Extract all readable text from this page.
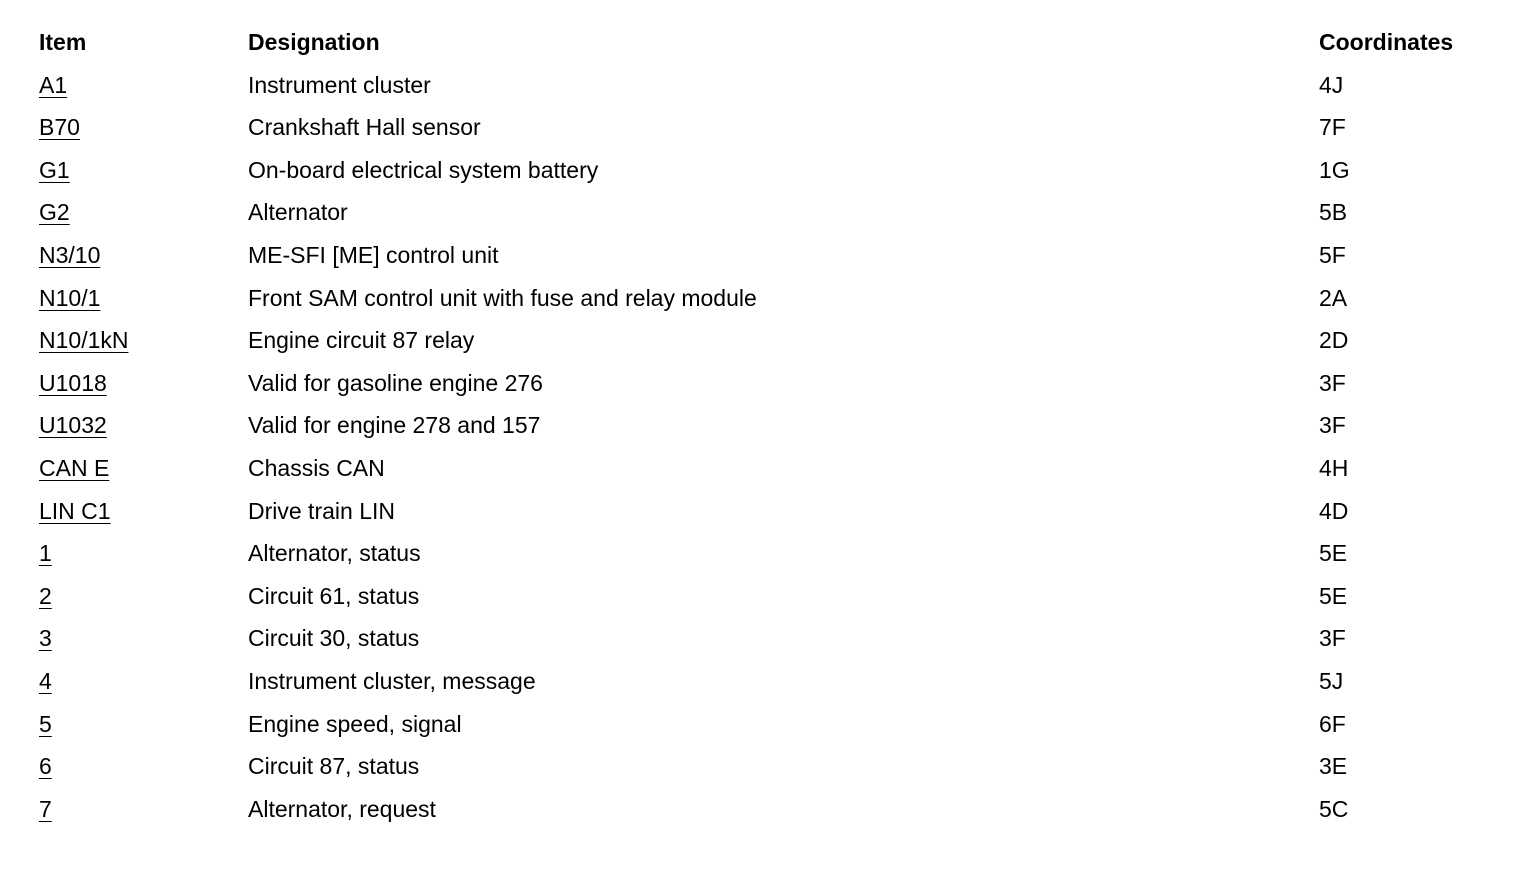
Item	Designation	Coordinates
A1	Instrument cluster	4J
B70	Crankshaft Hall sensor	7F
G1	On-board electrical system battery	1G
G2	Alternator	5B
N3/10	ME-SFI [ME] control unit	5F
N10/1	Front SAM control unit with fuse and relay module	2A
N10/1kN	Engine circuit 87 relay	2D
U1018	Valid for gasoline engine 276	3F
U1032	Valid for engine 278 and 157	3F
CAN E	Chassis CAN	4H
LIN C1	Drive train LIN	4D
1	Alternator, status	5E
2	Circuit 61, status	5E
3	Circuit 30, status	3F
4	Instrument cluster, message	5J
5	Engine speed, signal	6F
6	Circuit 87, status	3E
7	Alternator, request	5C
